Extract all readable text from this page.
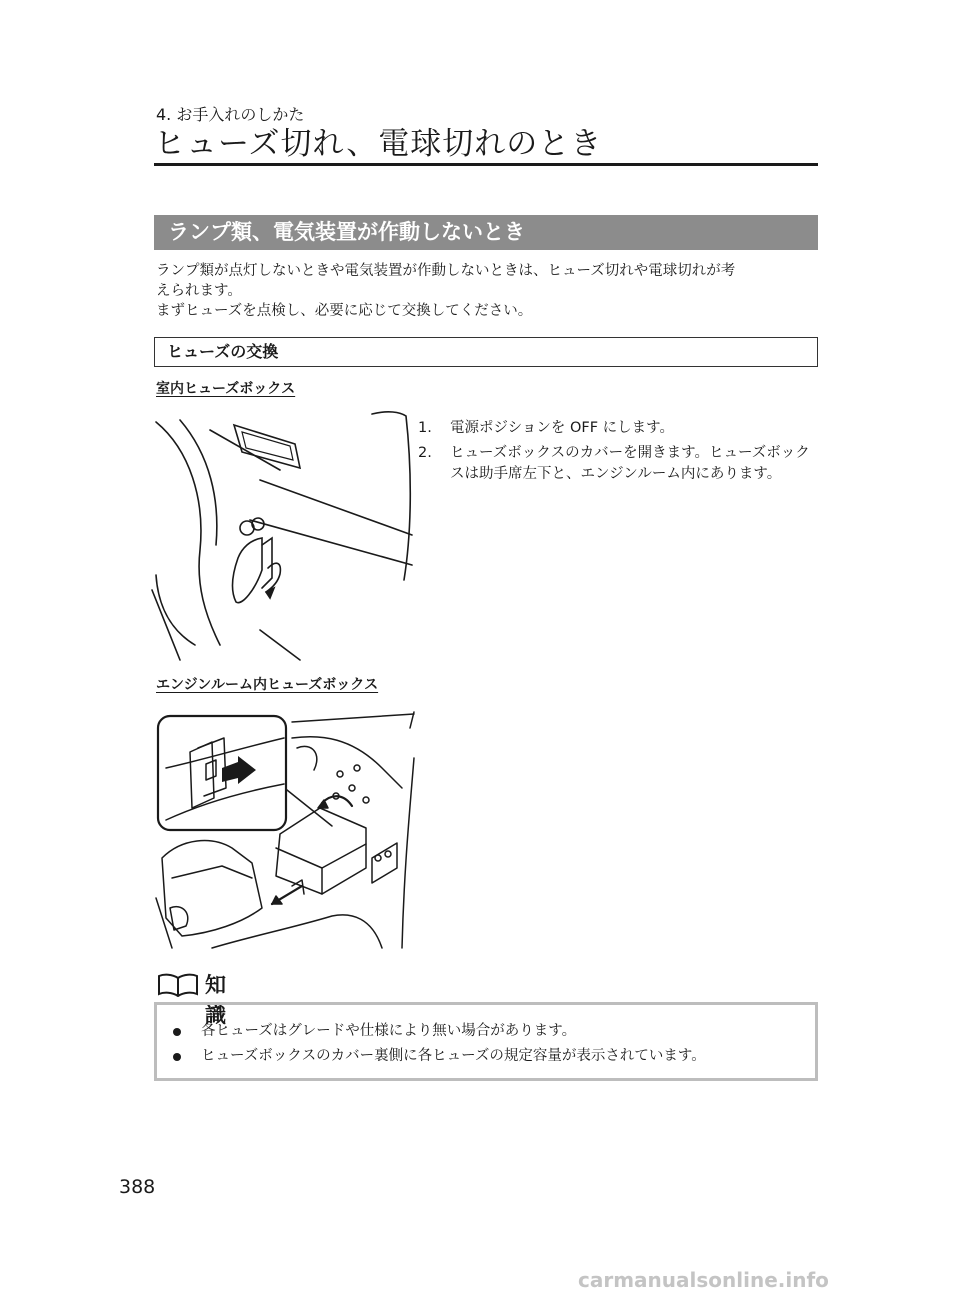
4. お手入れのしかた
ヒューズ切れ、電球切れのとき
ランプ類、電気装置が作動しないとき

ランプ類が点灯しないときや電気装置が作動しないときは、ヒューズ切れや電球切れが考

えられます。

まずヒューズを点検し、必要に応じて交換してください。

ヒューズの交換
室内ヒューズボックス
1. 電源ポジションを OFF にします。
2. ヒューズボックスのカバーを開きます。ヒューズボックスは助手席左下と、エンジンルーム内にあります。
エンジンルーム内ヒューズボックス
知識
各ヒューズはグレードや仕様により無い場合があります。
ヒューズボックスのカバー裏側に各ヒューズの規定容量が表示されています。
388
carmanualsonline.info
